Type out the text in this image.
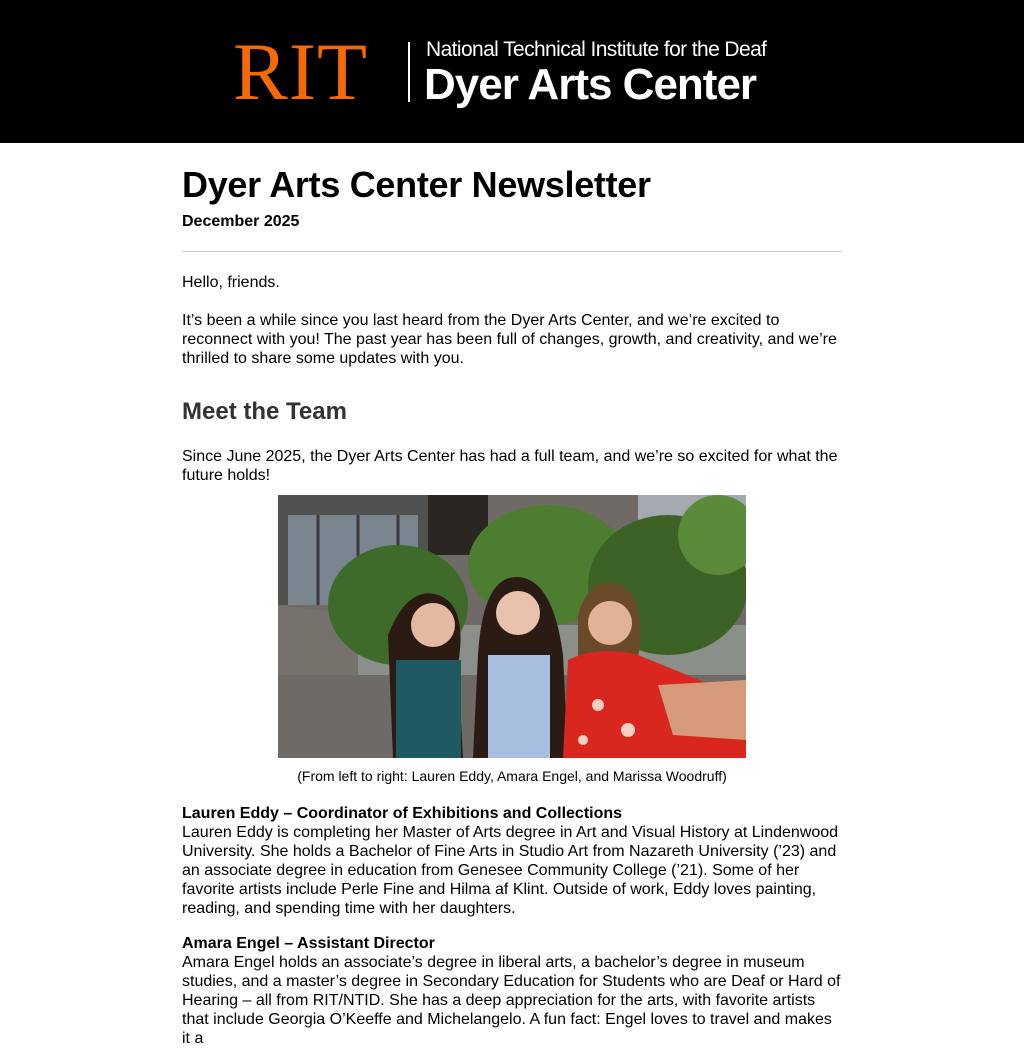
RIT	National Technical Institute for the Deaf
Dyer Arts Center
Dyer Arts Center Newsletter
December 2025

Hello, friends.

It’s been a while since you last heard from the Dyer Arts Center, and we’re excited to reconnect with you! The past year has been full of changes, growth, and creativity, and we’re thrilled to share some updates with you.

Meet the Team

Since June 2025, the Dyer Arts Center has had a full team, and we’re so excited for what the future holds!

(From left to right: Lauren Eddy, Amara Engel, and Marissa Woodruff)

Lauren Eddy – Coordinator of Exhibitions and Collections

Lauren Eddy is completing her Master of Arts degree in Art and Visual History at Lindenwood University. She holds a Bachelor of Fine Arts in Studio Art from Nazareth University (’23) and an associate degree in education from Genesee Community College (’21). Some of her favorite artists include Perle Fine and Hilma af Klint. Outside of work, Eddy loves painting, reading, and spending time with her daughters.

Amara Engel – Assistant Director

Amara Engel holds an associate’s degree in liberal arts, a bachelor’s degree in museum studies, and a master’s degree in Secondary Education for Students who are Deaf or Hard of Hearing – all from RIT/NTID. She has a deep appreciation for the arts, with favorite artists that include Georgia O’Keeffe and Michelangelo. A fun fact: Engel loves to travel and makes it a
